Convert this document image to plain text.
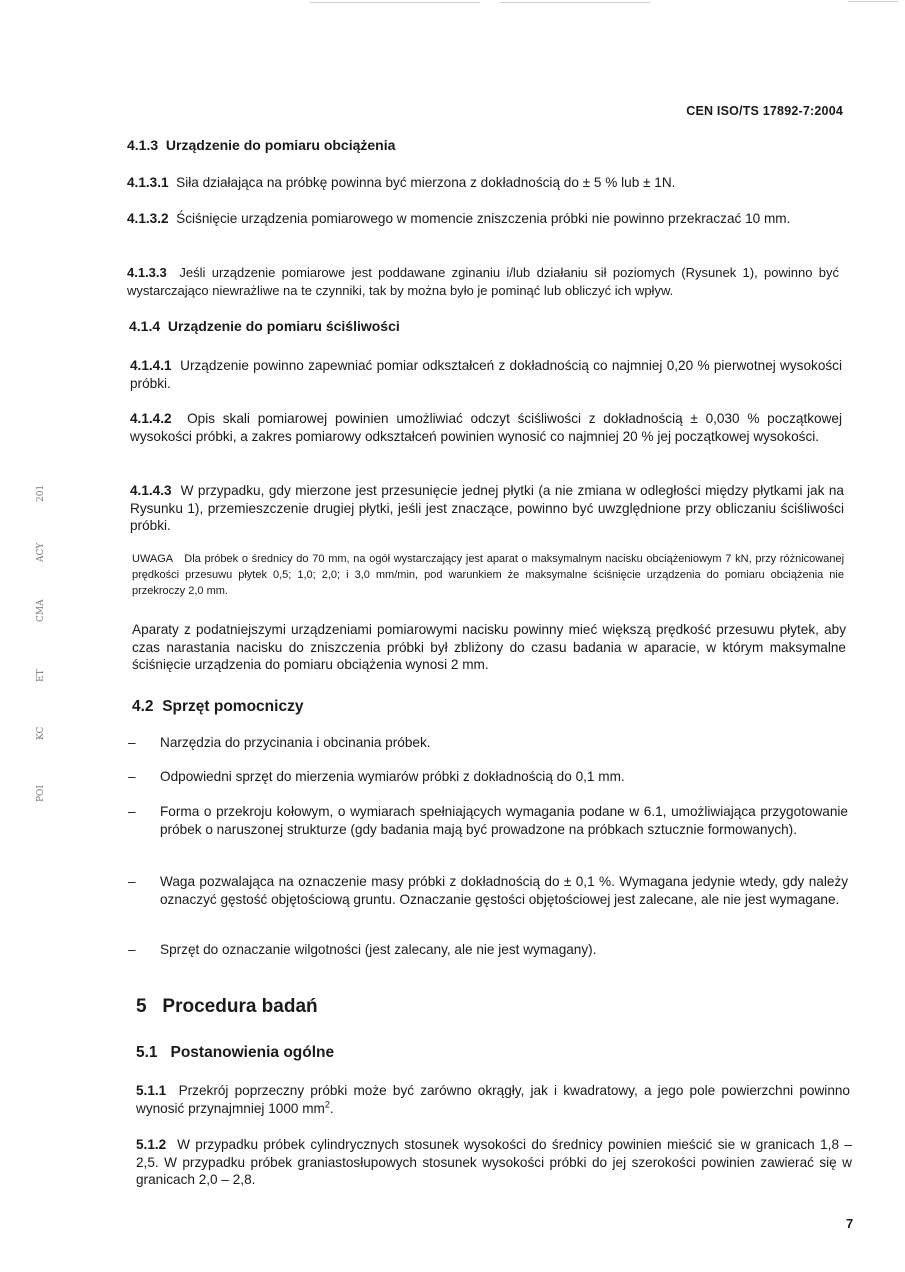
CEN ISO/TS 17892-7:2004
201
ACY
CMA
ET
KC
POI
4.1.3 Urządzenie do pomiaru obciążenia
4.1.3.1 Siła działająca na próbkę powinna być mierzona z dokładnością do ± 5 % lub ± 1N.
4.1.3.2 Ściśnięcie urządzenia pomiarowego w momencie zniszczenia próbki nie powinno przekraczać 10 mm.
4.1.3.3 Jeśli urządzenie pomiarowe jest poddawane zginaniu i/lub działaniu sił poziomych (Rysunek 1), powinno być wystarczająco niewrażliwe na te czynniki, tak by można było je pominąć lub obliczyć ich wpływ.
4.1.4 Urządzenie do pomiaru ściśliwości
4.1.4.1 Urządzenie powinno zapewniać pomiar odkształceń z dokładnością co najmniej 0,20 % pierwotnej wysokości próbki.
4.1.4.2 Opis skali pomiarowej powinien umożliwiać odczyt ściśliwości z dokładnością ± 0,030 % początkowej wysokości próbki, a zakres pomiarowy odkształceń powinien wynosić co najmniej 20 % jej początkowej wysokości.
4.1.4.3 W przypadku, gdy mierzone jest przesunięcie jednej płytki (a nie zmiana w odległości między płytkami jak na Rysunku 1), przemieszczenie drugiej płytki, jeśli jest znaczące, powinno być uwzględnione przy obliczaniu ściśliwości próbki.
UWAGA Dla próbek o średnicy do 70 mm, na ogół wystarczający jest aparat o maksymalnym nacisku obciążeniowym 7 kN, przy różnicowanej prędkości przesuwu płytek 0,5; 1,0; 2,0; i 3,0 mm/min, pod warunkiem że maksymalne ściśnięcie urządzenia do pomiaru obciążenia nie przekroczy 2,0 mm.
Aparaty z podatniejszymi urządzeniami pomiarowymi nacisku powinny mieć większą prędkość przesuwu płytek, aby czas narastania nacisku do zniszczenia próbki był zbliżony do czasu badania w aparacie, w którym maksymalne ściśnięcie urządzenia do pomiaru obciążenia wynosi 2 mm.
4.2 Sprzęt pomocniczy
– Narzędzia do przycinania i obcinania próbek.
– Odpowiedni sprzęt do mierzenia wymiarów próbki z dokładnością do 0,1 mm.
– Forma o przekroju kołowym, o wymiarach spełniających wymagania podane w 6.1, umożliwiająca przygotowanie próbek o naruszonej strukturze (gdy badania mają być prowadzone na próbkach sztucznie formowanych).
– Waga pozwalająca na oznaczenie masy próbki z dokładnością do ± 0,1 %. Wymagana jedynie wtedy, gdy należy oznaczyć gęstość objętościową gruntu. Oznaczanie gęstości objętościowej jest zalecane, ale nie jest wymagane.
– Sprzęt do oznaczanie wilgotności (jest zalecany, ale nie jest wymagany).
5 Procedura badań
5.1 Postanowienia ogólne
5.1.1 Przekrój poprzeczny próbki może być zarówno okrągły, jak i kwadratowy, a jego pole powierzchni powinno wynosić przynajmniej 1000 $mm^2$.
5.1.2 W przypadku próbek cylindrycznych stosunek wysokości do średnicy powinien mieścić sie w granicach 1,8 – 2,5. W przypadku próbek graniastosłupowych stosunek wysokości próbki do jej szerokości powinien zawierać się w granicach 2,0 – 2,8.
7
